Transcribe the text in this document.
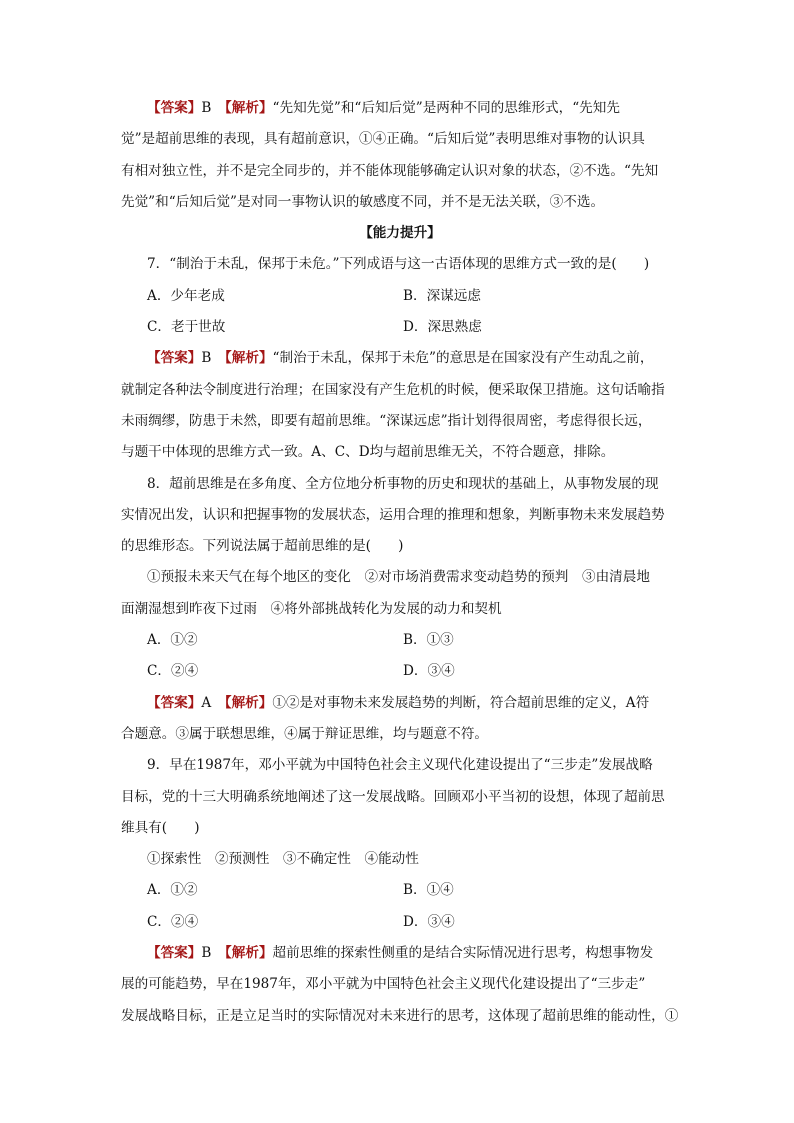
【答案】B　 【解析】“先知先觉”和“后知后觉”是两种不同的思维形式，“先知先
觉”是超前思维的表现，具有超前意识，①④正确。“后知后觉”表明思维对事物的认识具
有相对独立性，并不是完全同步的，并不能体现能够确定认识对象的状态，②不选。“先知
先觉”和“后知后觉”是对同一事物认识的敏感度不同，并不是无法关联，③不选。
【能力提升】
7．“制治于未乱，保邦于未危。”下列成语与这一古语体现的思维方式一致的是(　　)
A．少年老成	B．深谋远虑
C．老于世故	D．深思熟虑
【答案】B　 【解析】“制治于未乱，保邦于未危”的意思是在国家没有产生动乱之前，
就制定各种法令制度进行治理；在国家没有产生危机的时候，便采取保卫措施。这句话喻指
未雨绸缪，防患于未然，即要有超前思维。“深谋远虑”指计划得很周密，考虑得很长远，
与题干中体现的思维方式一致。A、C、D均与超前思维无关，不符合题意，排除。
8．超前思维是在多角度、全方位地分析事物的历史和现状的基础上，从事物发展的现
实情况出发，认识和把握事物的发展状态，运用合理的推理和想象，判断事物未来发展趋势
的思维形态。下列说法属于超前思维的是(　　)
①预报未来天气在每个地区的变化　②对市场消费需求变动趋势的预判　③由清晨地
面潮湿想到昨夜下过雨　④将外部挑战转化为发展的动力和契机
A．①②	B．①③
C．②④	D．③④
【答案】A　 【解析】①②是对事物未来发展趋势的判断，符合超前思维的定义，A符
合题意。③属于联想思维，④属于辩证思维，均与题意不符。
9．早在1987年，邓小平就为中国特色社会主义现代化建设提出了“三步走”发展战略
目标，党的十三大明确系统地阐述了这一发展战略。回顾邓小平当初的设想，体现了超前思
维具有(　　)
①探索性　②预测性　③不确定性　④能动性
A．①②	B．①④
C．②④	D．③④
【答案】B　 【解析】超前思维的探索性侧重的是结合实际情况进行思考，构想事物发
展的可能趋势，早在1987年，邓小平就为中国特色社会主义现代化建设提出了“三步走”
发展战略目标，正是立足当时的实际情况对未来进行的思考，这体现了超前思维的能动性，①
